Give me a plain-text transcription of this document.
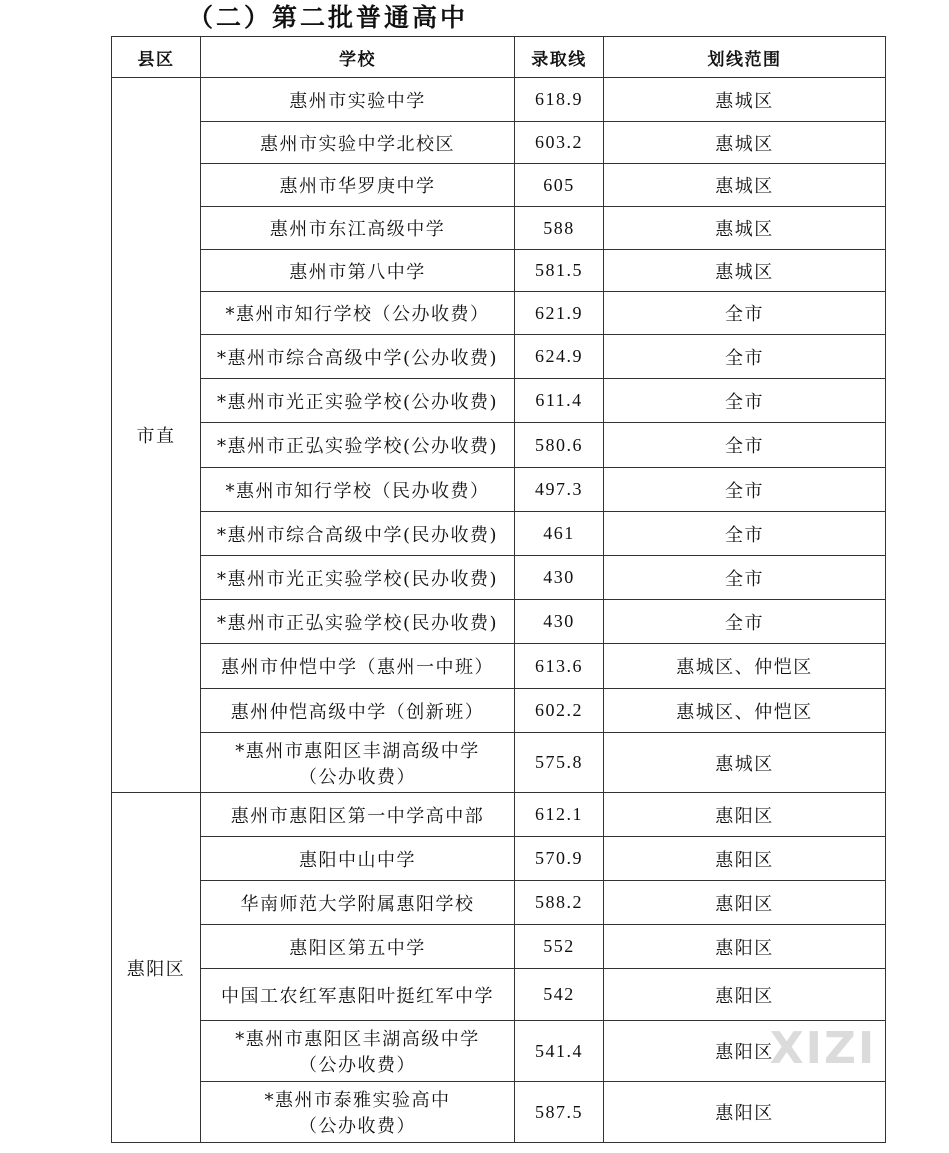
（二）第二批普通高中
县区	学校	录取线	划线范围
市直	惠州市实验中学	618.9	惠城区

	惠州市实验中学北校区	603.2	惠城区

	惠州市华罗庚中学	605	惠城区

	惠州市东江高级中学	588	惠城区

	惠州市第八中学	581.5	惠城区

	*惠州市知行学校（公办收费）	621.9	全市

	*惠州市综合高级中学(公办收费)	624.9	全市

	*惠州市光正实验学校(公办收费)	611.4	全市

	*惠州市正弘实验学校(公办收费)	580.6	全市

	*惠州市知行学校（民办收费）	497.3	全市

	*惠州市综合高级中学(民办收费)	461	全市

	*惠州市光正实验学校(民办收费)	430	全市

	*惠州市正弘实验学校(民办收费)	430	全市

	惠州市仲恺中学（惠州一中班）	613.6	惠城区、仲恺区

	惠州仲恺高级中学（创新班）	602.2	惠城区、仲恺区

	*惠州市惠阳区丰湖高级中学
（公办收费）	575.8	惠城区
惠阳区	惠州市惠阳区第一中学高中部	612.1	惠阳区

	惠阳中山中学	570.9	惠阳区

	华南师范大学附属惠阳学校	588.2	惠阳区

	惠阳区第五中学	552	惠阳区

	中国工农红军惠阳叶挺红军中学	542	惠阳区

	*惠州市惠阳区丰湖高级中学
（公办收费）	541.4	惠阳区

	*惠州市泰雅实验高中
（公办收费）	587.5	惠阳区
XIZI
